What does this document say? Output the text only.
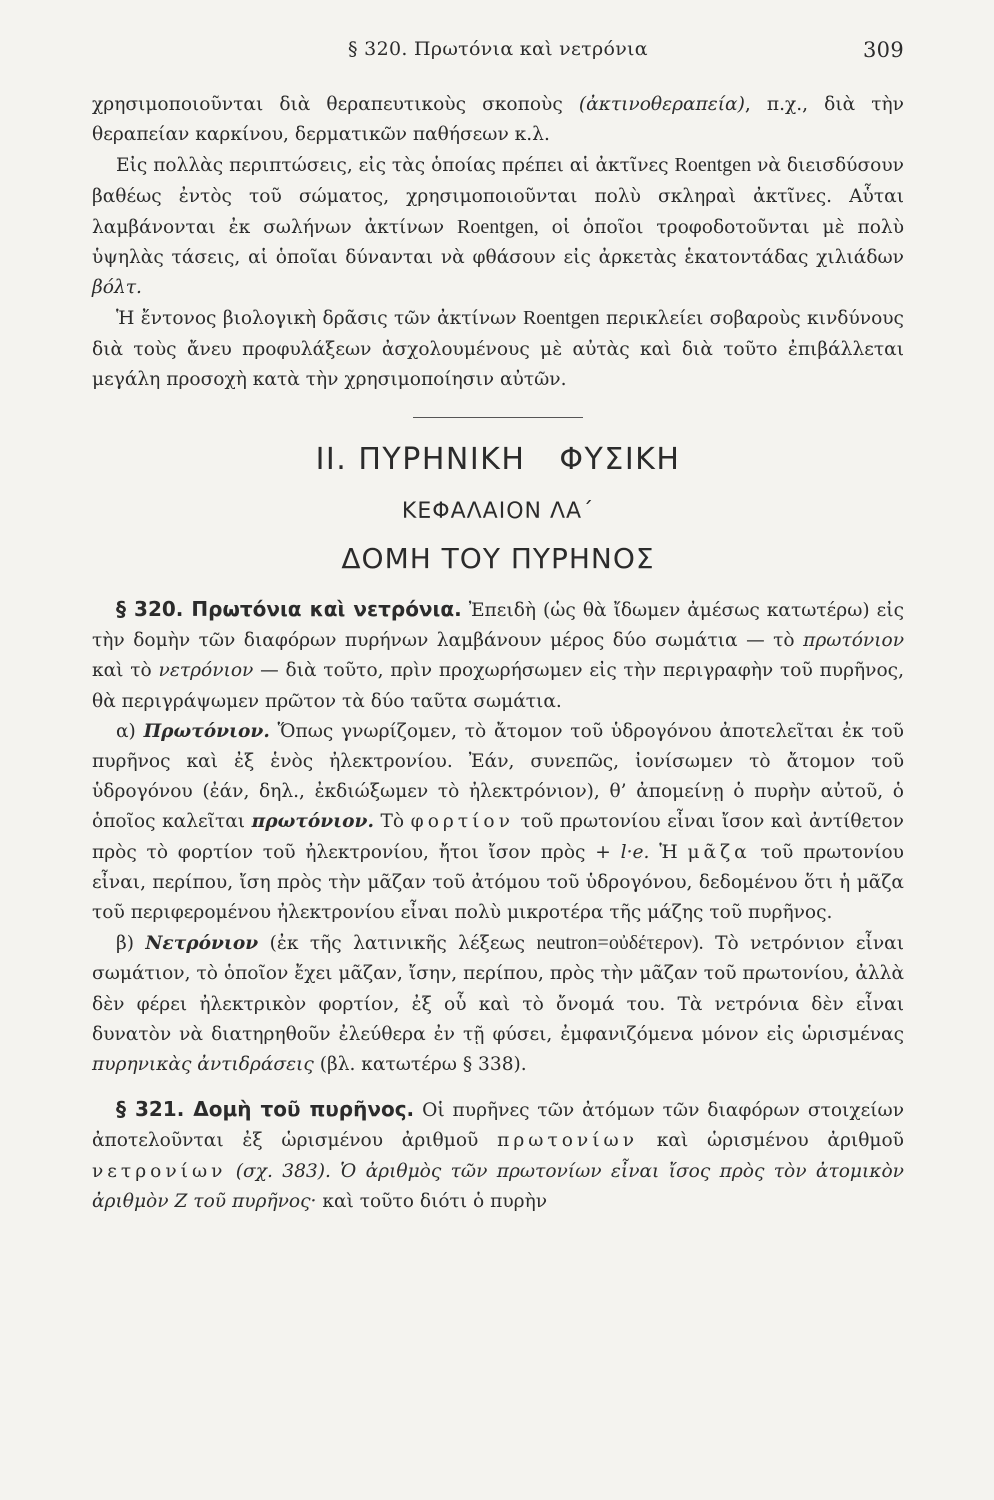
§ 320. Πρωτόνια καὶ νετρόνια	309

χρησιμοποιοῦνται διὰ θεραπευτικοὺς σκοποὺς (ἀκτινοθεραπεία), π.χ., διὰ τὴν θεραπείαν καρκίνου, δερματικῶν παθήσεων κ.λ.

Εἰς πολλὰς περιπτώσεις, εἰς τὰς ὁποίας πρέπει αἱ ἀκτῖνες Roentgen νὰ διεισδύσουν βαθέως ἐντὸς τοῦ σώματος, χρησιμοποιοῦνται πολὺ σκληραὶ ἀκτῖνες. Αὗται λαμβάνονται ἐκ σωλήνων ἀκτίνων Roentgen, οἱ ὁποῖοι τροφοδοτοῦνται μὲ πολὺ ὑψηλὰς τάσεις, αἱ ὁποῖαι δύνανται νὰ φθάσουν εἰς ἀρκετὰς ἑκατοντάδας χιλιάδων βόλτ.

Ἡ ἔντονος βιολογικὴ δρᾶσις τῶν ἀκτίνων Roentgen περικλείει σοβαροὺς κινδύνους διὰ τοὺς ἄνευ προφυλάξεων ἀσχολουμένους μὲ αὐτὰς καὶ διὰ τοῦτο ἐπιβάλλεται μεγάλη προσοχὴ κατὰ τὴν χρησιμοποίησιν αὐτῶν.

ΙΙ. ΠΥΡΗΝΙΚΗ ΦΥΣΙΚΗ
ΚΕΦΑΛΑΙΟΝ ΛΑ΄
ΔΟΜΗ ΤΟΥ ΠΥΡΗΝΟΣ

§ 320. Πρωτόνια καὶ νετρόνια. Ἐπειδὴ (ὡς θὰ ἴδωμεν ἀμέσως κατωτέρω) εἰς τὴν δομὴν τῶν διαφόρων πυρήνων λαμβάνουν μέρος δύο σωμάτια — τὸ πρωτόνιον καὶ τὸ νετρόνιον — διὰ τοῦτο, πρὶν προχωρήσωμεν εἰς τὴν περιγραφὴν τοῦ πυρῆνος, θὰ περιγράψωμεν πρῶτον τὰ δύο ταῦτα σωμάτια.

α) Πρωτόνιον. Ὅπως γνωρίζομεν, τὸ ἄτομον τοῦ ὑδρογόνου ἀποτελεῖται ἐκ τοῦ πυρῆνος καὶ ἐξ ἑνὸς ἠλεκτρονίου. Ἐάν, συνεπῶς, ἰονίσωμεν τὸ ἄτομον τοῦ ὑδρογόνου (ἐάν, δηλ., ἐκδιώξωμεν τὸ ἠλεκτρόνιον), θ’ ἀπομείνῃ ὁ πυρὴν αὐτοῦ, ὁ ὁποῖος καλεῖται πρωτόνιον. Τὸ φορτίον τοῦ πρωτονίου εἶναι ἴσον καὶ ἀντίθετον πρὸς τὸ φορτίον τοῦ ἠλεκτρονίου, ἤτοι ἴσον πρὸς + l·e. Ἡ μᾶζα τοῦ πρωτονίου εἶναι, περίπου, ἴση πρὸς τὴν μᾶζαν τοῦ ἀτόμου τοῦ ὑδρογόνου, δεδομένου ὅτι ἡ μᾶζα τοῦ περιφερομένου ἠλεκτρονίου εἶναι πολὺ μικροτέρα τῆς μάζης τοῦ πυρῆνος.

β) Νετρόνιον (ἐκ τῆς λατινικῆς λέξεως neutron=οὐδέτερον). Τὸ νετρόνιον εἶναι σωμάτιον, τὸ ὁποῖον ἔχει μᾶζαν, ἴσην, περίπου, πρὸς τὴν μᾶζαν τοῦ πρωτονίου, ἀλλὰ δὲν φέρει ἠλεκτρικὸν φορτίον, ἐξ οὗ καὶ τὸ ὄνομά του. Τὰ νετρόνια δὲν εἶναι δυνατὸν νὰ διατηρηθοῦν ἐλεύθερα ἐν τῇ φύσει, ἐμφανιζόμενα μόνον εἰς ὡρισμένας πυρηνικὰς ἀντιδράσεις (βλ. κατωτέρω § 338).

§ 321. Δομὴ τοῦ πυρῆνος. Οἱ πυρῆνες τῶν ἀτόμων τῶν διαφόρων στοιχείων ἀποτελοῦνται ἐξ ὡρισμένου ἀριθμοῦ πρωτονίων καὶ ὡρισμένου ἀριθμοῦ νετρονίων (σχ. 383). Ὁ ἀριθμὸς τῶν πρωτονίων εἶναι ἴσος πρὸς τὸν ἀτομικὸν ἀριθμὸν Z τοῦ πυρῆνος· καὶ τοῦτο διότι ὁ πυρὴν
